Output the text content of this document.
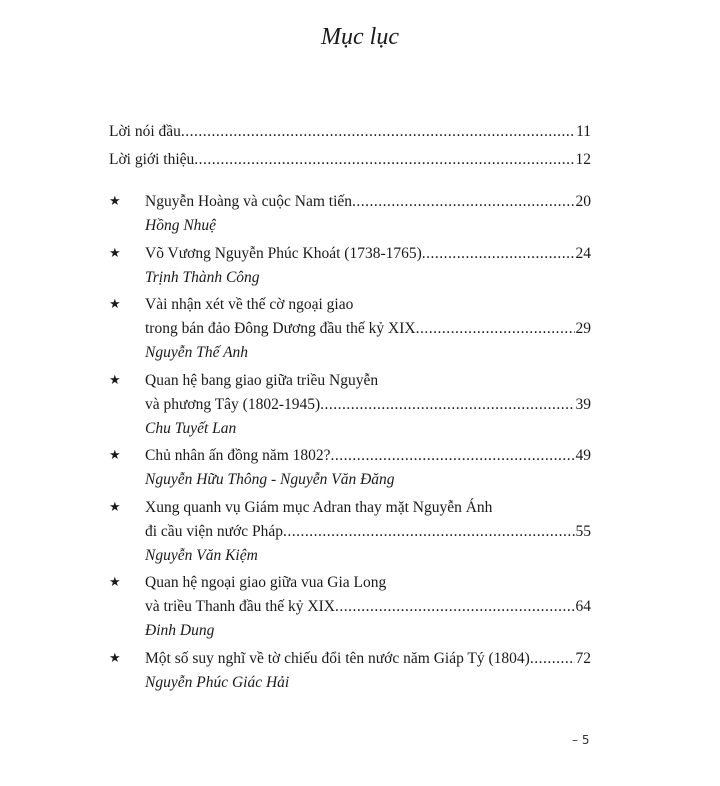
Mục lục
Lời nói đầu .....	11
Lời giới thiệu .....	12
★ Nguyễn Hoàng và cuộc Nam tiến .....	20
Hồng Nhuệ
★ Võ Vương Nguyễn Phúc Khoát (1738-1765) .....	24
Trịnh Thành Công
★ Vài nhận xét về thế cờ ngoại giao
trong bán đảo Đông Dương đầu thế kỷ XIX .....	29
Nguyễn Thế Anh
★ Quan hệ bang giao giữa triều Nguyễn
và phương Tây (1802-1945) .....	39
Chu Tuyết Lan
★ Chủ nhân ấn đồng năm 1802? .....	49
Nguyễn Hữu Thông - Nguyễn Văn Đăng
★ Xung quanh vụ Giám mục Adran thay mặt Nguyễn Ánh
đi cầu viện nước Pháp .....	55
Nguyễn Văn Kiệm
★ Quan hệ ngoại giao giữa vua Gia Long
và triều Thanh đầu thế kỷ XIX .....	64
Đinh Dung
★ Một số suy nghĩ về tờ chiếu đổi tên nước năm Giáp Tý (1804) .....	72
Nguyễn Phúc Giác Hải
– 5
